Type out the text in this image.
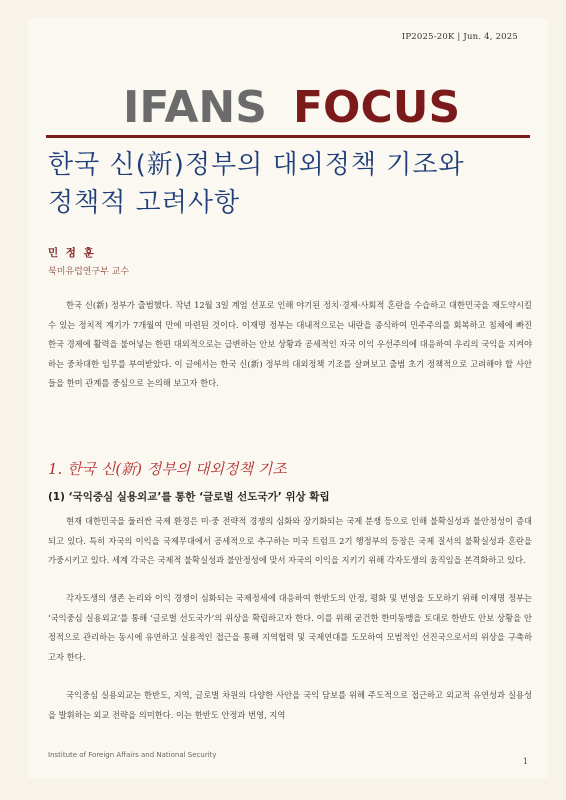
IP2025-20K | Jun. 4, 2025
IFANS FOCUS
한국 신(新)정부의 대외정책 기조와
정책적 고려사항
민 정 훈
북미유럽연구부 교수
한국 신(新) 정부가 출범했다. 작년 12월 3일 계엄 선포로 인해 야기된 정치·경제·사회적 혼란을 수습하고 대한민국을 재도약시킬 수 있는 정치적 계기가 7개월여 만에 마련된 것이다. 이재명 정부는 대내적으로는 내란을 종식하여 민주주의를 회복하고 침체에 빠진 한국 경제에 활력을 불어넣는 한편 대외적으로는 급변하는 안보 상황과 공세적인 자국 이익 우선주의에 대응하여 우리의 국익을 지켜야 하는 중차대한 임무를 부여받았다. 이 글에서는 한국 신(新) 정부의 대외정책 기조를 살펴보고 출범 초기 정책적으로 고려해야 할 사안들을 한미 관계를 중심으로 논의해 보고자 한다.
1. 한국 신(新) 정부의 대외정책 기조
(1) ‘국익중심 실용외교’를 통한 ‘글로벌 선도국가’ 위상 확립
현재 대한민국을 둘러싼 국제 환경은 미·중 전략적 경쟁의 심화와 장기화되는 국제 분쟁 등으로 인해 불확실성과 불안정성이 증대되고 있다. 특히 자국의 이익을 국제무대에서 공세적으로 추구하는 미국 트럼프 2기 행정부의 등장은 국제 질서의 불확실성과 혼란을 가중시키고 있다. 세계 각국은 국제적 불확실성과 불안정성에 맞서 자국의 이익을 지키기 위해 각자도생의 움직임을 본격화하고 있다.
각자도생의 생존 논리와 이익 경쟁이 심화되는 국제정세에 대응하여 한반도의 안정, 평화 및 번영을 도모하기 위해 이재명 정부는 ‘국익중심 실용외교’를 통해 ‘글로벌 선도국가’의 위상을 확립하고자 한다. 이를 위해 굳건한 한미동맹을 토대로 한반도 안보 상황을 안정적으로 관리하는 동시에 유연하고 실용적인 접근을 통해 지역협력 및 국제연대를 도모하여 모범적인 선진국으로서의 위상을 구축하고자 한다.
국익중심 실용외교는 한반도, 지역, 글로벌 차원의 다양한 사안을 국익 담보를 위해 주도적으로 접근하고 외교적 유연성과 실용성을 발휘하는 외교 전략을 의미한다. 이는 한반도 안정과 번영, 지역
Institute of Foreign Affairs and National Security
1
